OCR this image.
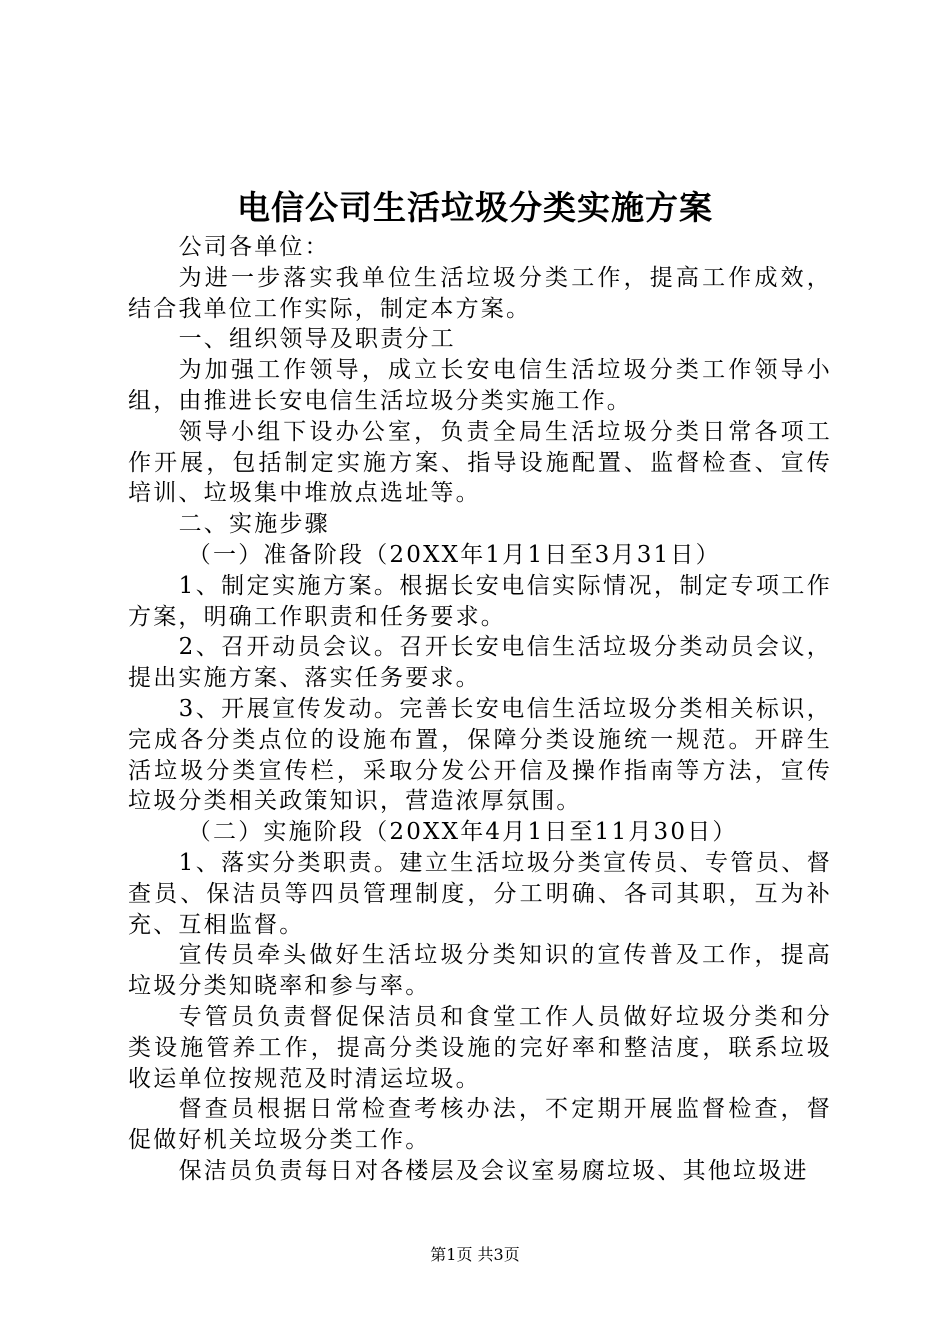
电信公司生活垃圾分类实施方案

公司各单位：

为进一步落实我单位生活垃圾分类工作，提高工作成效，结合我单位工作实际，制定本方案。

一、组织领导及职责分工

为加强工作领导，成立长安电信生活垃圾分类工作领导小组，由推进长安电信生活垃圾分类实施工作。

领导小组下设办公室，负责全局生活垃圾分类日常各项工作开展，包括制定实施方案、指导设施配置、监督检查、宣传培训、垃圾集中堆放点选址等。

二、实施步骤

（一）准备阶段（20XX年1月1日至3月31日）

1、制定实施方案。根据长安电信实际情况，制定专项工作方案，明确工作职责和任务要求。

2、召开动员会议。召开长安电信生活垃圾分类动员会议，提出实施方案、落实任务要求。

3、开展宣传发动。完善长安电信生活垃圾分类相关标识，完成各分类点位的设施布置，保障分类设施统一规范。开辟生活垃圾分类宣传栏，采取分发公开信及操作指南等方法，宣传垃圾分类相关政策知识，营造浓厚氛围。

（二）实施阶段（20XX年4月1日至11月30日）

1、落实分类职责。建立生活垃圾分类宣传员、专管员、督查员、保洁员等四员管理制度，分工明确、各司其职，互为补充、互相监督。

宣传员牵头做好生活垃圾分类知识的宣传普及工作，提高垃圾分类知晓率和参与率。

专管员负责督促保洁员和食堂工作人员做好垃圾分类和分类设施管养工作，提高分类设施的完好率和整洁度，联系垃圾收运单位按规范及时清运垃圾。

督查员根据日常检查考核办法，不定期开展监督检查，督促做好机关垃圾分类工作。

保洁员负责每日对各楼层及会议室易腐垃圾、其他垃圾进

第1页 共3页
